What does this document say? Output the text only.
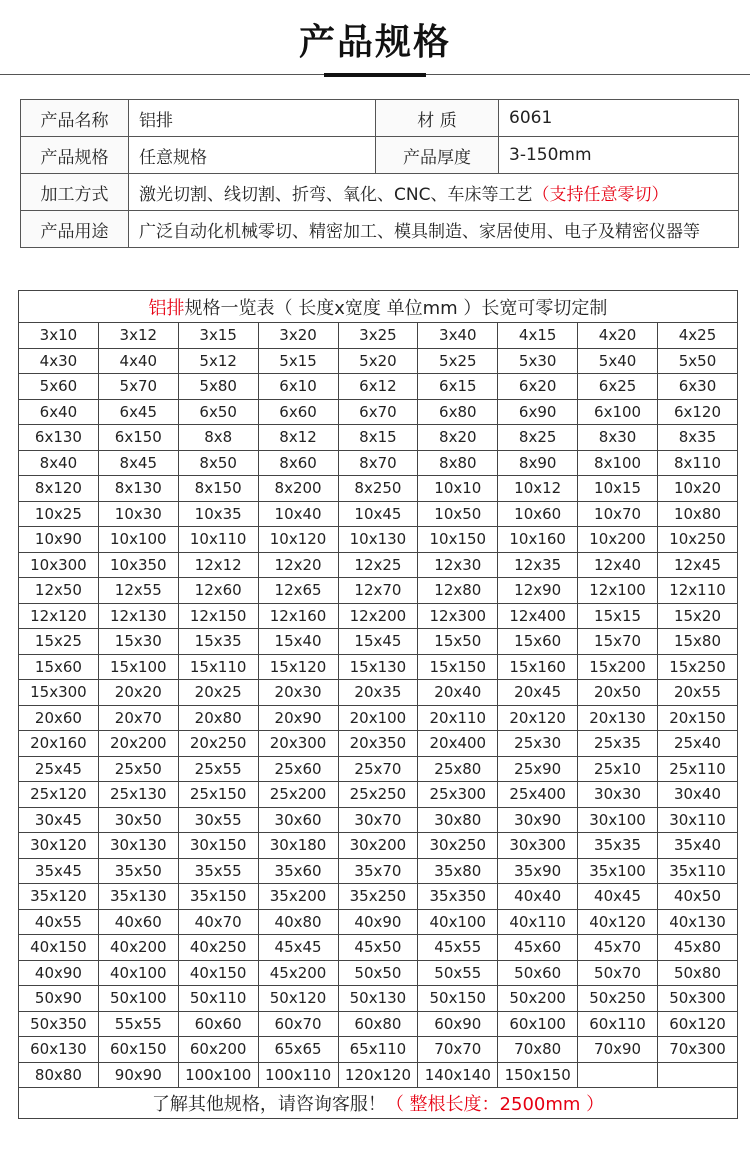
产品规格
产品名称	铝排	材 质	6061
产品规格	任意规格	产品厚度	3-150mm
加工方式	激光切割、线切割、折弯、氧化、CNC、车床等工艺（支持任意零切）		
产品用途	广泛自动化机械零切、精密加工、模具制造、家居使用、电子及精密仪器等		
铝排规格一览表（ 长度x宽度 单位mm ）长宽可零切定制								
3x10	3x12	3x15	3x20	3x25	3x40	4x15	4x20	4x25
4x30	4x40	5x12	5x15	5x20	5x25	5x30	5x40	5x50
5x60	5x70	5x80	6x10	6x12	6x15	6x20	6x25	6x30
6x40	6x45	6x50	6x60	6x70	6x80	6x90	6x100	6x120
6x130	6x150	8x8	8x12	8x15	8x20	8x25	8x30	8x35
8x40	8x45	8x50	8x60	8x70	8x80	8x90	8x100	8x110
8x120	8x130	8x150	8x200	8x250	10x10	10x12	10x15	10x20
10x25	10x30	10x35	10x40	10x45	10x50	10x60	10x70	10x80
10x90	10x100	10x110	10x120	10x130	10x150	10x160	10x200	10x250
10x300	10x350	12x12	12x20	12x25	12x30	12x35	12x40	12x45
12x50	12x55	12x60	12x65	12x70	12x80	12x90	12x100	12x110
12x120	12x130	12x150	12x160	12x200	12x300	12x400	15x15	15x20
15x25	15x30	15x35	15x40	15x45	15x50	15x60	15x70	15x80
15x60	15x100	15x110	15x120	15x130	15x150	15x160	15x200	15x250
15x300	20x20	20x25	20x30	20x35	20x40	20x45	20x50	20x55
20x60	20x70	20x80	20x90	20x100	20x110	20x120	20x130	20x150
20x160	20x200	20x250	20x300	20x350	20x400	25x30	25x35	25x40
25x45	25x50	25x55	25x60	25x70	25x80	25x90	25x10	25x110
25x120	25x130	25x150	25x200	25x250	25x300	25x400	30x30	30x40
30x45	30x50	30x55	30x60	30x70	30x80	30x90	30x100	30x110
30x120	30x130	30x150	30x180	30x200	30x250	30x300	35x35	35x40
35x45	35x50	35x55	35x60	35x70	35x80	35x90	35x100	35x110
35x120	35x130	35x150	35x200	35x250	35x350	40x40	40x45	40x50
40x55	40x60	40x70	40x80	40x90	40x100	40x110	40x120	40x130
40x150	40x200	40x250	45x45	45x50	45x55	45x60	45x70	45x80
40x90	40x100	40x150	45x200	50x50	50x55	50x60	50x70	50x80
50x90	50x100	50x110	50x120	50x130	50x150	50x200	50x250	50x300
50x350	55x55	60x60	60x70	60x80	60x90	60x100	60x110	60x120
60x130	60x150	60x200	65x65	65x110	70x70	70x80	70x90	70x300
80x80	90x90	100x100	100x110	120x120	140x140	150x150		
了解其他规格，请咨询客服！（ 整根长度：2500mm ）								
